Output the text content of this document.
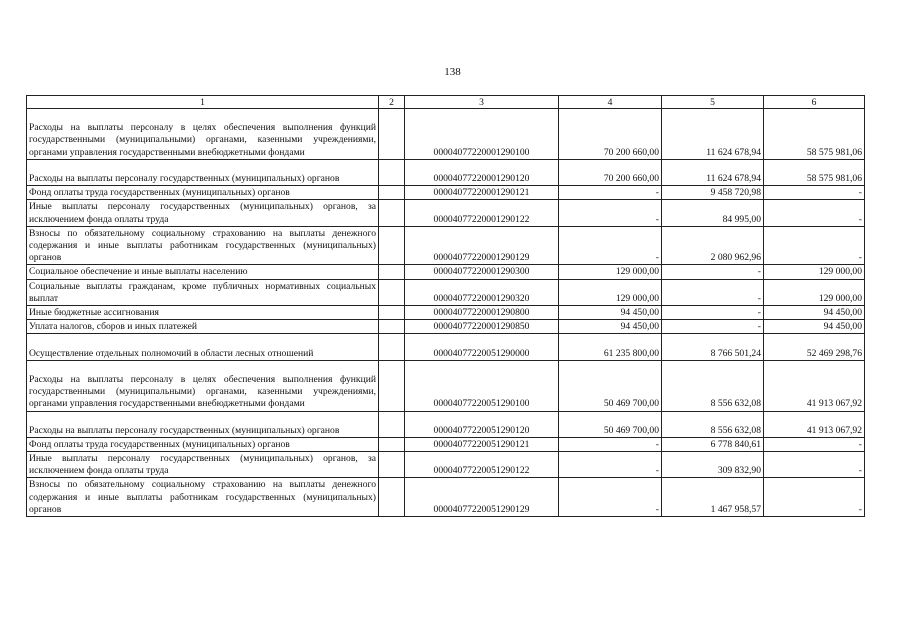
138
1	2	3	4	5	6
Расходы на выплаты персоналу в целях обеспечения выполнения функций государственными (муниципальными) органами, казенными учреждениями, органами управления государственными внебюджетными фондами		00004077220001290100	70 200 660,00	11 624 678,94	58 575 981,06
Расходы на выплаты персоналу государственных (муниципальных) органов		00004077220001290120	70 200 660,00	11 624 678,94	58 575 981,06
Фонд оплаты труда государственных (муниципальных) органов		00004077220001290121	-	9 458 720,98	-
Иные выплаты персоналу государственных (муниципальных) органов, за исключением фонда оплаты труда		00004077220001290122	-	84 995,00	-
Взносы по обязательному социальному страхованию на выплаты денежного содержания и иные выплаты работникам государственных (муниципальных) органов		00004077220001290129	-	2 080 962,96	-
Социальное обеспечение и иные выплаты населению		00004077220001290300	129 000,00	-	129 000,00
Социальные выплаты гражданам, кроме публичных нормативных социальных выплат		00004077220001290320	129 000,00	-	129 000,00
Иные бюджетные ассигнования		00004077220001290800	94 450,00	-	94 450,00
Уплата налогов, сборов и иных платежей		00004077220001290850	94 450,00	-	94 450,00
Осуществление отдельных полномочий в области лесных отношений		00004077220051290000	61 235 800,00	8 766 501,24	52 469 298,76
Расходы на выплаты персоналу в целях обеспечения выполнения функций государственными (муниципальными) органами, казенными учреждениями, органами управления государственными внебюджетными фондами		00004077220051290100	50 469 700,00	8 556 632,08	41 913 067,92
Расходы на выплаты персоналу государственных (муниципальных) органов		00004077220051290120	50 469 700,00	8 556 632,08	41 913 067,92
Фонд оплаты труда государственных (муниципальных) органов		00004077220051290121	-	6 778 840,61	-
Иные выплаты персоналу государственных (муниципальных) органов, за исключением фонда оплаты труда		00004077220051290122	-	309 832,90	-
Взносы по обязательному социальному страхованию на выплаты денежного содержания и иные выплаты работникам государственных (муниципальных) органов		00004077220051290129	-	1 467 958,57	-
